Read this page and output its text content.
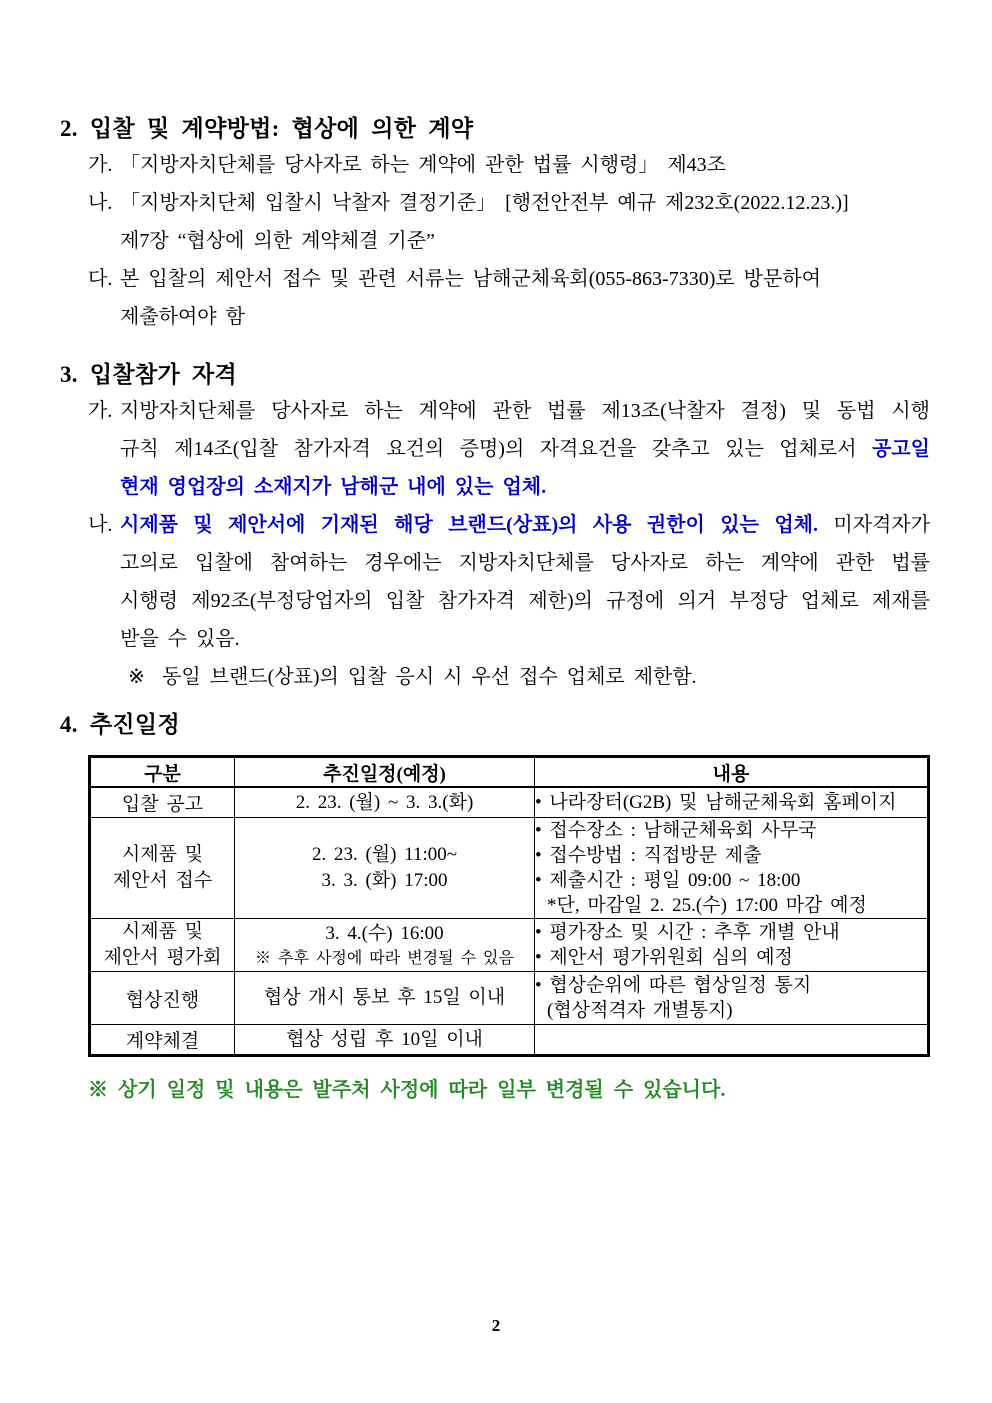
2. 입찰 및 계약방법: 협상에 의한 계약
가. 「지방자치단체를 당사자로 하는 계약에 관한 법률 시행령」 제43조
나. 「지방자치단체 입찰시 낙찰자 결정기준」 [행전안전부 예규 제232호(2022.12.23.)]
제7장 “협상에 의한 계약체결 기준”
다. 본 입찰의 제안서 접수 및 관련 서류는 남해군체육회(055-863-7330)로 방문하여
제출하여야 함
3. 입찰참가 자격
가. 지방자치단체를 당사자로 하는 계약에 관한 법률 제13조(낙찰자 결정) 및 동법 시행
규칙 제14조(입찰 참가자격 요건의 증명)의 자격요건을 갖추고 있는 업체로서 공고일
현재 영업장의 소재지가 남해군 내에 있는 업체.
나. 시제품 및 제안서에 기재된 해당 브랜드(상표)의 사용 권한이 있는 업체. 미자격자가
고의로 입찰에 참여하는 경우에는 지방자치단체를 당사자로 하는 계약에 관한 법률
시행령 제92조(부정당업자의 입찰 참가자격 제한)의 규정에 의거 부정당 업체로 제재를
받을 수 있음.
※ 동일 브랜드(상표)의 입찰 응시 시 우선 접수 업체로 제한함.
4. 추진일정
구분	추진일정(예정)	내용
입찰 공고	2. 23. (월) ~ 3. 3.(화)	• 나라장터(G2B) 및 남해군체육회 홈페이지

시제품 및
제안서 접수	2. 23. (월) 11:00~
3. 3. (화) 17:00	• 접수장소 : 남해군체육회 사무국
• 접수방법 : 직접방문 제출
• 제출시간 : 평일 09:00 ~ 18:00
*단, 마감일 2. 25.(수) 17:00 마감 예정

시제품 및
제안서 평가회	3. 4.(수) 16:00
※ 추후 사정에 따라 변경될 수 있음	• 평가장소 및 시간 : 추후 개별 안내
• 제안서 평가위원회 심의 예정

협상진행	협상 개시 통보 후 15일 이내	• 협상순위에 따른 협상일정 통지
(협상적격자 개별통지)

계약체결	협상 성립 후 10일 이내	

※ 상기 일정 및 내용은 발주처 사정에 따라 일부 변경될 수 있습니다.
2
